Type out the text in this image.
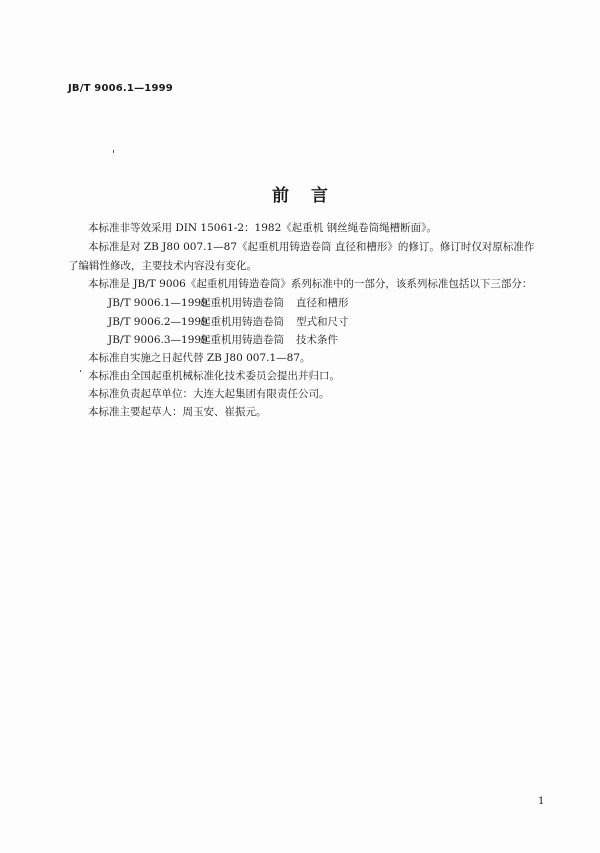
JB/T 9006.1—1999
前言
本标准非等效采用 DIN 15061-2：1982《起重机 钢丝绳卷筒绳槽断面》。
本标准是对 ZB J80 007.1—87《起重机用铸造卷筒 直径和槽形》的修订。修订时仅对原标准作
了编辑性修改，主要技术内容没有变化。
本标准是 JB/T 9006《起重机用铸造卷筒》系列标准中的一部分，该系列标准包括以下三部分：
JB/T 9006.1—1999起重机用铸造卷筒 直径和槽形
JB/T 9006.2—1999起重机用铸造卷筒 型式和尺寸
JB/T 9006.3—1999起重机用铸造卷筒 技术条件
本标准自实施之日起代替 ZB J80 007.1—87。
本标准由全国起重机械标准化技术委员会提出并归口。
本标准负责起草单位：大连大起集团有限责任公司。
本标准主要起草人：周玉安、崔振元。
1
